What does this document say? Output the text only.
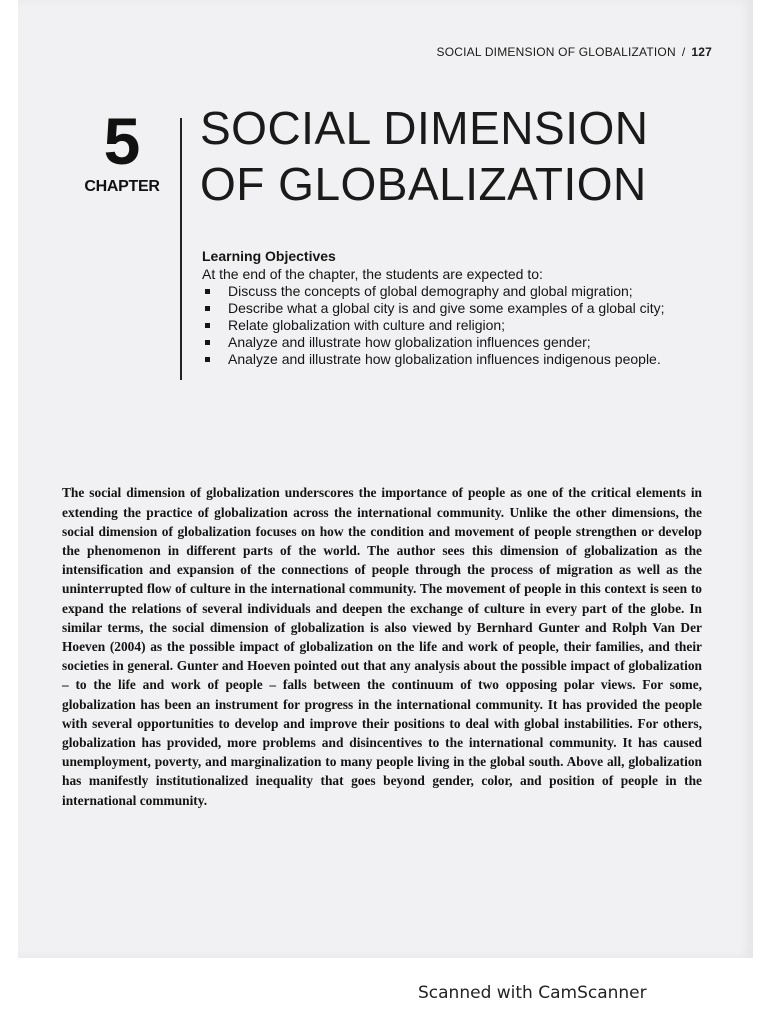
SOCIAL DIMENSION OF GLOBALIZATION / 127
5
CHAPTER
SOCIAL DIMENSION
OF GLOBALIZATION
Learning Objectives
At the end of the chapter, the students are expected to:
Discuss the concepts of global demography and global migration;
Describe what a global city is and give some examples of a global city;
Relate globalization with culture and religion;
Analyze and illustrate how globalization influences gender;
Analyze and illustrate how globalization influences indigenous people.

The social dimension of globalization underscores the importance of people as one of the critical elements in extending the practice of globalization across the international community. Unlike the other dimensions, the social dimension of globalization focuses on how the condition and movement of people strengthen or develop the phenomenon in different parts of the world. The author sees this dimension of globalization as the intensification and expansion of the connections of people through the process of migration as well as the uninterrupted flow of culture in the international community. The movement of people in this context is seen to expand the relations of several individuals and deepen the exchange of culture in every part of the globe. In similar terms, the social dimension of globalization is also viewed by Bernhard Gunter and Rolph Van Der Hoeven (2004) as the possible impact of globalization on the life and work of people, their families, and their societies in general. Gunter and Hoeven pointed out that any analysis about the possible impact of globalization – to the life and work of people – falls between the continuum of two opposing polar views. For some, globalization has been an instrument for progress in the international community. It has provided the people with several opportunities to develop and improve their positions to deal with global instabilities. For others, globalization has provided, more problems and disincentives to the international community. It has caused unemployment, poverty, and marginalization to many people living in the global south. Above all, globalization has manifestly institutionalized inequality that goes beyond gender, color, and position of people in the international community.

Scanned with CamScanner
